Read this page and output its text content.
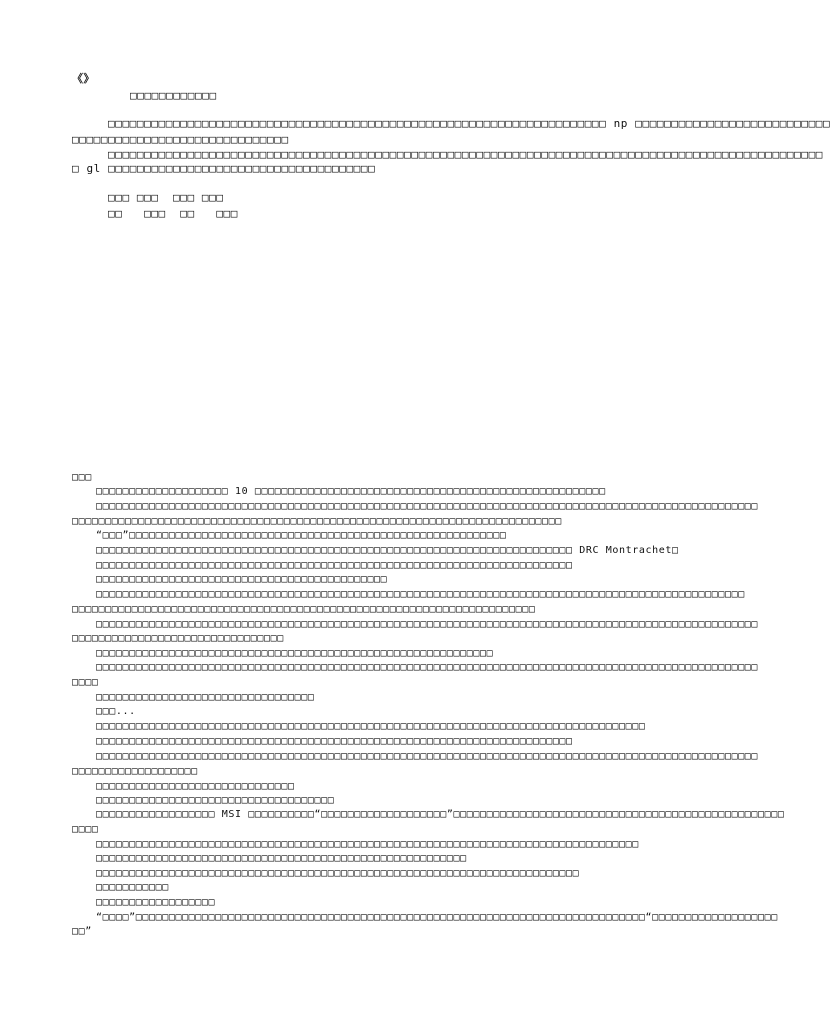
《》
□□□□□□□□□□□□
□□□□□□□□□□□□□□□□□□□□□□□□□□□□□□□□□□□□□□□□□□□□□□□□□□□□□□□□□□□□□□□□□□□□□ np □□□□□□□□□□□□□□□□□□□□□□□□□□□
□□□□□□□□□□□□□□□□□□□□□□□□□□□□□□
□□□□□□□□□□□□□□□□□□□□□□□□□□□□□□□□□□□□□□□□□□□□□□□□□□□□□□□□□□□□□□□□□□□□□□□□□□□□□□□□□□□□□□□□□□□□□□□□□□□
□ gl □□□□□□□□□□□□□□□□□□□□□□□□□□□□□□□□□□□□□
□□□ □□□  □□□ □□□
□□   □□□  □□   □□□
□□□
□□□□□□□□□□□□□□□□□□□□ 10 □□□□□□□□□□□□□□□□□□□□□□□□□□□□□□□□□□□□□□□□□□□□□□□□□□□□□
□□□□□□□□□□□□□□□□□□□□□□□□□□□□□□□□□□□□□□□□□□□□□□□□□□□□□□□□□□□□□□□□□□□□□□□□□□□□□□□□□□□□□□□□□□□□□□□□□□□□
□□□□□□□□□□□□□□□□□□□□□□□□□□□□□□□□□□□□□□□□□□□□□□□□□□□□□□□□□□□□□□□□□□□□□□□□□□
“□□□”□□□□□□□□□□□□□□□□□□□□□□□□□□□□□□□□□□□□□□□□□□□□□□□□□□□□□□□□□
□□□□□□□□□□□□□□□□□□□□□□□□□□□□□□□□□□□□□□□□□□□□□□□□□□□□□□□□□□□□□□□□□□□□□□□□ DRC Montrachet□
□□□□□□□□□□□□□□□□□□□□□□□□□□□□□□□□□□□□□□□□□□□□□□□□□□□□□□□□□□□□□□□□□□□□□□□□
□□□□□□□□□□□□□□□□□□□□□□□□□□□□□□□□□□□□□□□□□□□□
□□□□□□□□□□□□□□□□□□□□□□□□□□□□□□□□□□□□□□□□□□□□□□□□□□□□□□□□□□□□□□□□□□□□□□□□□□□□□□□□□□□□□□□□□□□□□□□□□□
□□□□□□□□□□□□□□□□□□□□□□□□□□□□□□□□□□□□□□□□□□□□□□□□□□□□□□□□□□□□□□□□□□□□□□
□□□□□□□□□□□□□□□□□□□□□□□□□□□□□□□□□□□□□□□□□□□□□□□□□□□□□□□□□□□□□□□□□□□□□□□□□□□□□□□□□□□□□□□□□□□□□□□□□□□□
□□□□□□□□□□□□□□□□□□□□□□□□□□□□□□□□
□□□□□□□□□□□□□□□□□□□□□□□□□□□□□□□□□□□□□□□□□□□□□□□□□□□□□□□□□□□□
□□□□□□□□□□□□□□□□□□□□□□□□□□□□□□□□□□□□□□□□□□□□□□□□□□□□□□□□□□□□□□□□□□□□□□□□□□□□□□□□□□□□□□□□□□□□□□□□□□□□
□□□□
□□□□□□□□□□□□□□□□□□□□□□□□□□□□□□□□□
□□□...
□□□□□□□□□□□□□□□□□□□□□□□□□□□□□□□□□□□□□□□□□□□□□□□□□□□□□□□□□□□□□□□□□□□□□□□□□□□□□□□□□□□
□□□□□□□□□□□□□□□□□□□□□□□□□□□□□□□□□□□□□□□□□□□□□□□□□□□□□□□□□□□□□□□□□□□□□□□□
□□□□□□□□□□□□□□□□□□□□□□□□□□□□□□□□□□□□□□□□□□□□□□□□□□□□□□□□□□□□□□□□□□□□□□□□□□□□□□□□□□□□□□□□□□□□□□□□□□□□
□□□□□□□□□□□□□□□□□□□
□□□□□□□□□□□□□□□□□□□□□□□□□□□□□□
□□□□□□□□□□□□□□□□□□□□□□□□□□□□□□□□□□□□
□□□□□□□□□□□□□□□□□□ MSI □□□□□□□□□□“□□□□□□□□□□□□□□□□□□□”□□□□□□□□□□□□□□□□□□□□□□□□□□□□□□□□□□□□□□□□□□□□□□□□□□
□□□□
□□□□□□□□□□□□□□□□□□□□□□□□□□□□□□□□□□□□□□□□□□□□□□□□□□□□□□□□□□□□□□□□□□□□□□□□□□□□□□□□□□
□□□□□□□□□□□□□□□□□□□□□□□□□□□□□□□□□□□□□□□□□□□□□□□□□□□□□□□□
□□□□□□□□□□□□□□□□□□□□□□□□□□□□□□□□□□□□□□□□□□□□□□□□□□□□□□□□□□□□□□□□□□□□□□□□□
□□□□□□□□□□□
□□□□□□□□□□□□□□□□□□
“□□□□”□□□□□□□□□□□□□□□□□□□□□□□□□□□□□□□□□□□□□□□□□□□□□□□□□□□□□□□□□□□□□□□□□□□□□□□□□□□□□“□□□□□□□□□□□□□□□□□□□
□□”
